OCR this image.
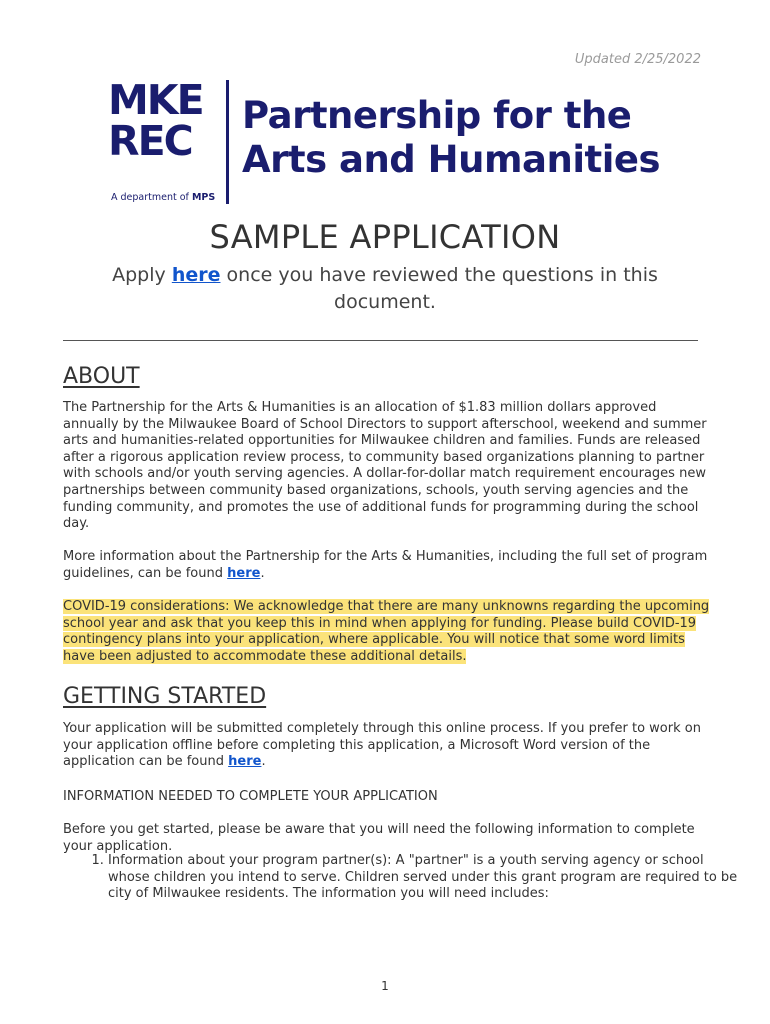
Updated 2/25/2022
MKE
REC
A department of MPS
Partnership for the
Arts and Humanities
SAMPLE APPLICATION
Apply here once you have reviewed the questions in this document.
ABOUT

The Partnership for the Arts & Humanities is an allocation of $1.83 million dollars approved annually by the Milwaukee Board of School Directors to support afterschool, weekend and summer arts and humanities-related opportunities for Milwaukee children and families. Funds are released after a rigorous application review process, to community based organizations planning to partner with schools and/or youth serving agencies. A dollar-for-dollar match requirement encourages new partnerships between community based organizations, schools, youth serving agencies and the funding community, and promotes the use of additional funds for programming during the school day.

More information about the Partnership for the Arts & Humanities, including the full set of program guidelines, can be found here.

COVID-19 considerations: We acknowledge that there are many unknowns regarding the upcoming school year and ask that you keep this in mind when applying for funding. Please build COVID-19 contingency plans into your application, where applicable. You will notice that some word limits have been adjusted to accommodate these additional details.

GETTING STARTED

Your application will be submitted completely through this online process. If you prefer to work on your application offline before completing this application, a Microsoft Word version of the application can be found here.

INFORMATION NEEDED TO COMPLETE YOUR APPLICATION

Before you get started, please be aware that you will need the following information to complete your application.

1. Information about your program partner(s): A "partner" is a youth serving agency or school whose children you intend to serve. Children served under this grant program are required to be city of Milwaukee residents. The information you will need includes:
1
